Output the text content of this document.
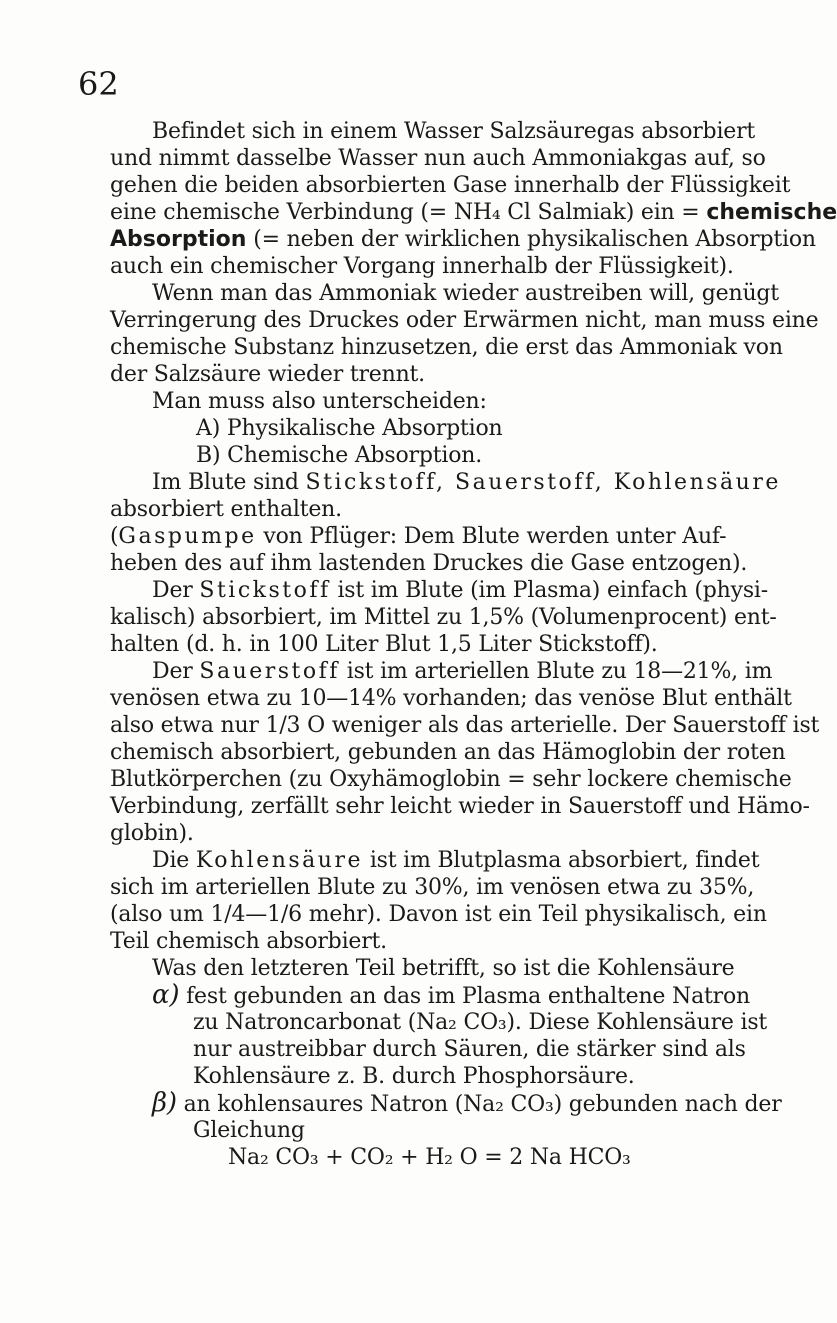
62
Befindet sich in einem Wasser Salzsäuregas absorbiert
und nimmt dasselbe Wasser nun auch Ammoniakgas auf, so
gehen die beiden absorbierten Gase innerhalb der Flüssigkeit
eine chemische Verbindung (= NH₄ Cl Salmiak) ein = chemische
Absorption (= neben der wirklichen physikalischen Absorption
auch ein chemischer Vorgang innerhalb der Flüssigkeit).
Wenn man das Ammoniak wieder austreiben will, genügt
Verringerung des Druckes oder Erwärmen nicht, man muss eine
chemische Substanz hinzusetzen, die erst das Ammoniak von
der Salzsäure wieder trennt.
Man muss also unterscheiden:
A) Physikalische Absorption
B) Chemische Absorption.
Im Blute sind Stickstoff, Sauerstoff, Kohlensäure
absorbiert enthalten.
(Gaspumpe von Pflüger: Dem Blute werden unter Auf-
heben des auf ihm lastenden Druckes die Gase entzogen).
Der Stickstoff ist im Blute (im Plasma) einfach (physi-
kalisch) absorbiert, im Mittel zu 1,5% (Volumenprocent) ent-
halten (d. h. in 100 Liter Blut 1,5 Liter Stickstoff).
Der Sauerstoff ist im arteriellen Blute zu 18—21%, im
venösen etwa zu 10—14% vorhanden; das venöse Blut enthält
also etwa nur 1/3 O weniger als das arterielle. Der Sauerstoff ist
chemisch absorbiert, gebunden an das Hämoglobin der roten
Blutkörperchen (zu Oxyhämoglobin = sehr lockere chemische
Verbindung, zerfällt sehr leicht wieder in Sauerstoff und Hämo-
globin).
Die Kohlensäure ist im Blutplasma absorbiert, findet
sich im arteriellen Blute zu 30%, im venösen etwa zu 35%,
(also um 1/4—1/6 mehr). Davon ist ein Teil physikalisch, ein
Teil chemisch absorbiert.
Was den letzteren Teil betrifft, so ist die Kohlensäure
α) fest gebunden an das im Plasma enthaltene Natron
zu Natroncarbonat (Na₂ CO₃). Diese Kohlensäure ist
nur austreibbar durch Säuren, die stärker sind als
Kohlensäure z. B. durch Phosphorsäure.
β) an kohlensaures Natron (Na₂ CO₃) gebunden nach der
Gleichung
Na₂ CO₃ + CO₂ + H₂ O = 2 Na HCO₃
